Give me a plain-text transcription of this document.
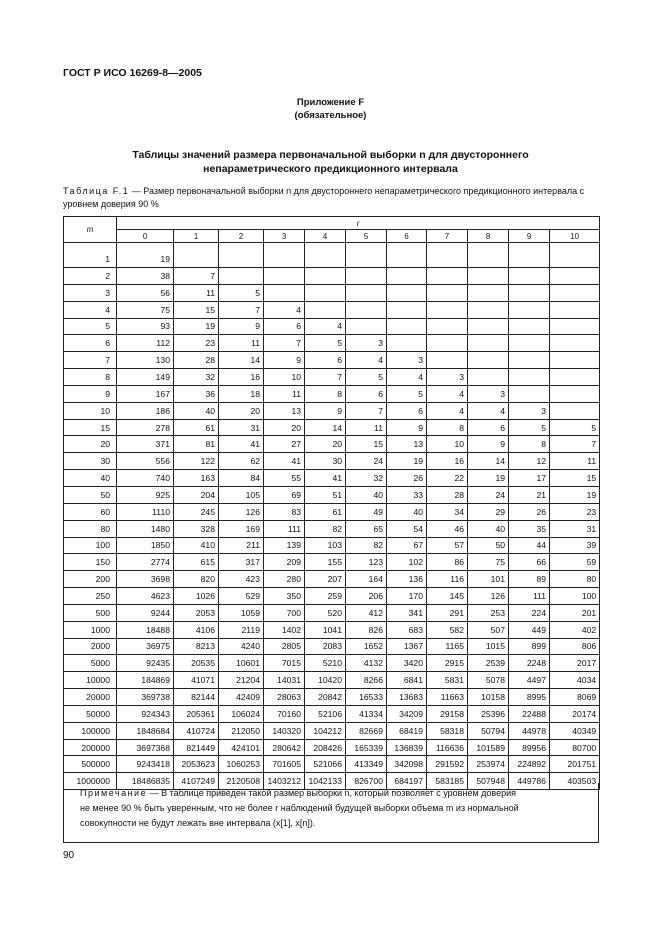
ГОСТ Р ИСО 16269-8—2005
Приложение F
(обязательное)
Таблицы значений размера первоначальной выборки n для двустороннего
непараметрического предикционного интервала
Таблица F.1 — Размер первоначальной выборки n для двустороннего непараметрического предикционного интервала с уровнем доверия 90 %
m	r										
	0	1	2	3	4	5	6	7	8	9	10
1	19										
2	38	7									
3	56	11	5								
4	75	15	7	4							
5	93	19	9	6	4						
6	112	23	11	7	5	3					
7	130	28	14	9	6	4	3				
8	149	32	16	10	7	5	4	3			
9	167	36	18	11	8	6	5	4	3		
10	186	40	20	13	9	7	6	4	4	3	
15	278	61	31	20	14	11	9	8	6	5	5
20	371	81	41	27	20	15	13	10	9	8	7
30	556	122	62	41	30	24	19	16	14	12	11
40	740	163	84	55	41	32	26	22	19	17	15
50	925	204	105	69	51	40	33	28	24	21	19
60	1110	245	126	83	61	49	40	34	29	26	23
80	1480	328	169	111	82	65	54	46	40	35	31
100	1850	410	211	139	103	82	67	57	50	44	39
150	2774	615	317	209	155	123	102	86	75	66	59
200	3698	820	423	280	207	164	136	116	101	89	80
250	4623	1026	529	350	259	206	170	145	126	111	100
500	9244	2053	1059	700	520	412	341	291	253	224	201
1000	18488	4106	2119	1402	1041	826	683	582	507	449	402
2000	36975	8213	4240	2805	2083	1652	1367	1165	1015	899	806
5000	92435	20535	10601	7015	5210	4132	3420	2915	2539	2248	2017
10000	184869	41071	21204	14031	10420	8266	6841	5831	5078	4497	4034
20000	369738	82144	42409	28063	20842	16533	13683	11663	10158	8995	8069
50000	924343	205361	106024	70160	52106	41334	34209	29158	25396	22488	20174
100000	1848684	410724	212050	140320	104212	82669	68419	58318	50794	44978	40349
200000	3697368	821449	424101	280642	208426	165339	136839	116636	101589	89956	80700
500000	9243418	2053623	1060253	701605	521066	413349	342098	291592	253974	224892	201751
1000000	18486835	4107249	2120508	1403212	1042133	826700	684197	583185	507948	449786	403503
Примечание — В таблице приведен такой размер выборки n, который позволяет с уровнем доверия
не менее 90 % быть уверенным, что не более r наблюдений будущей выборки объема m из нормальной
совокупности не будут лежать вне интервала (x[1], x[n]).
90
